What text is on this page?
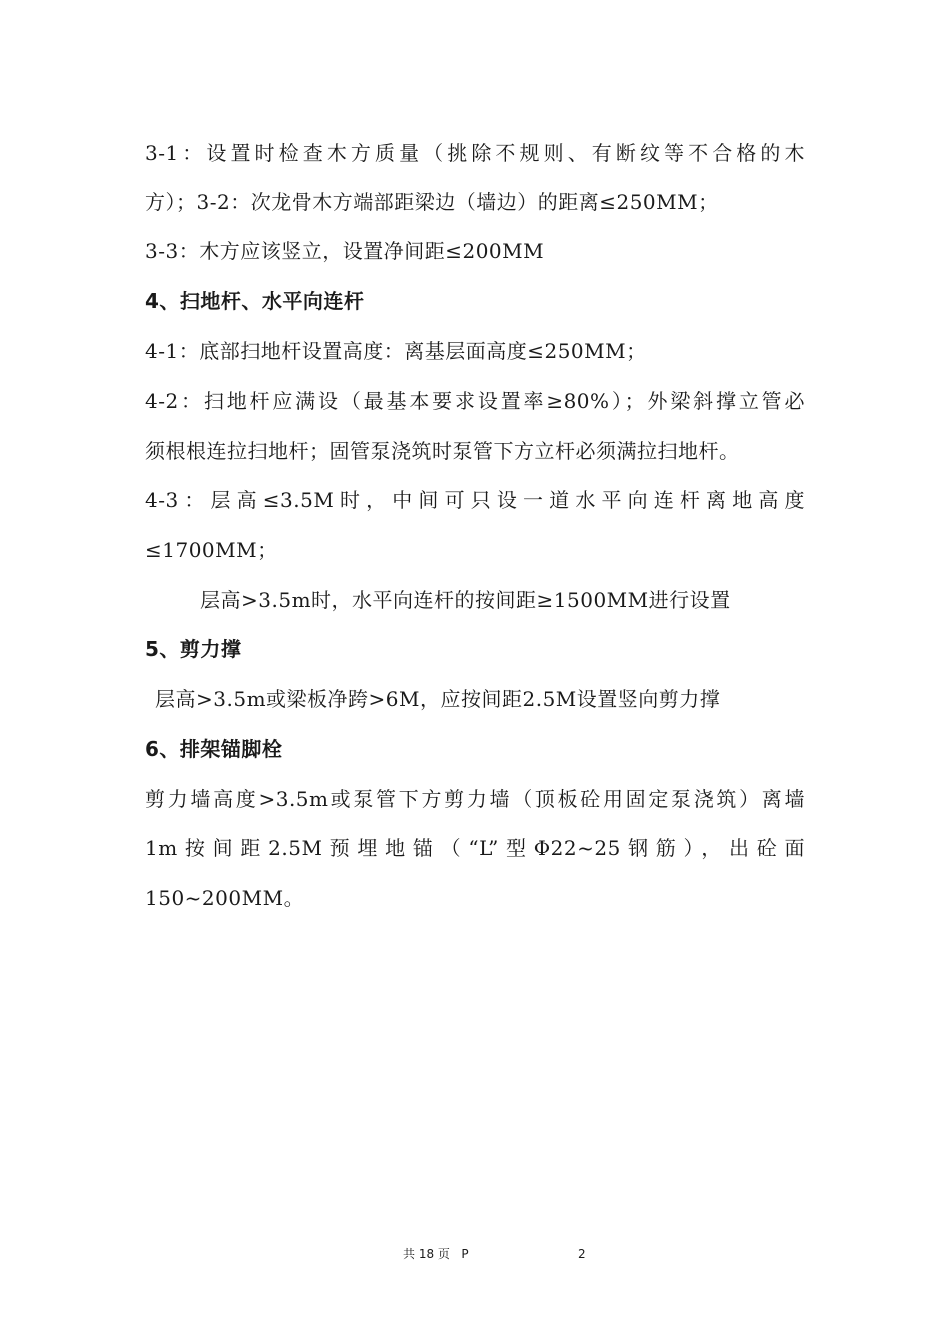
3-1：设置时检查木方质量（挑除不规则、有断纹等不合格的木
方）；3-2：次龙骨木方端部距梁边（墙边）的距离≤250MM；
3-3：木方应该竖立，设置净间距≤200MM
4、扫地杆、水平向连杆
4-1：底部扫地杆设置高度：离基层面高度≤250MM；
4-2：扫地杆应满设（最基本要求设置率≥80%）；外梁斜撑立管必
须根根连拉扫地杆；固管泵浇筑时泵管下方立杆必须满拉扫地杆。
4-3：层高≤3.5M时，中间可只设一道水平向连杆离地高度
≤1700MM；
层高>3.5m时，水平向连杆的按间距≥1500MM进行设置
5、剪力撑
层高>3.5m或梁板净跨>6M，应按间距2.5M设置竖向剪力撑
6、排架锚脚栓
剪力墙高度>3.5m或泵管下方剪力墙（顶板砼用固定泵浇筑）离墙
1m按间距2.5M预埋地锚（“L”型Φ22~25钢筋），出砼面
150~200MM。
共 18 页   P	2
